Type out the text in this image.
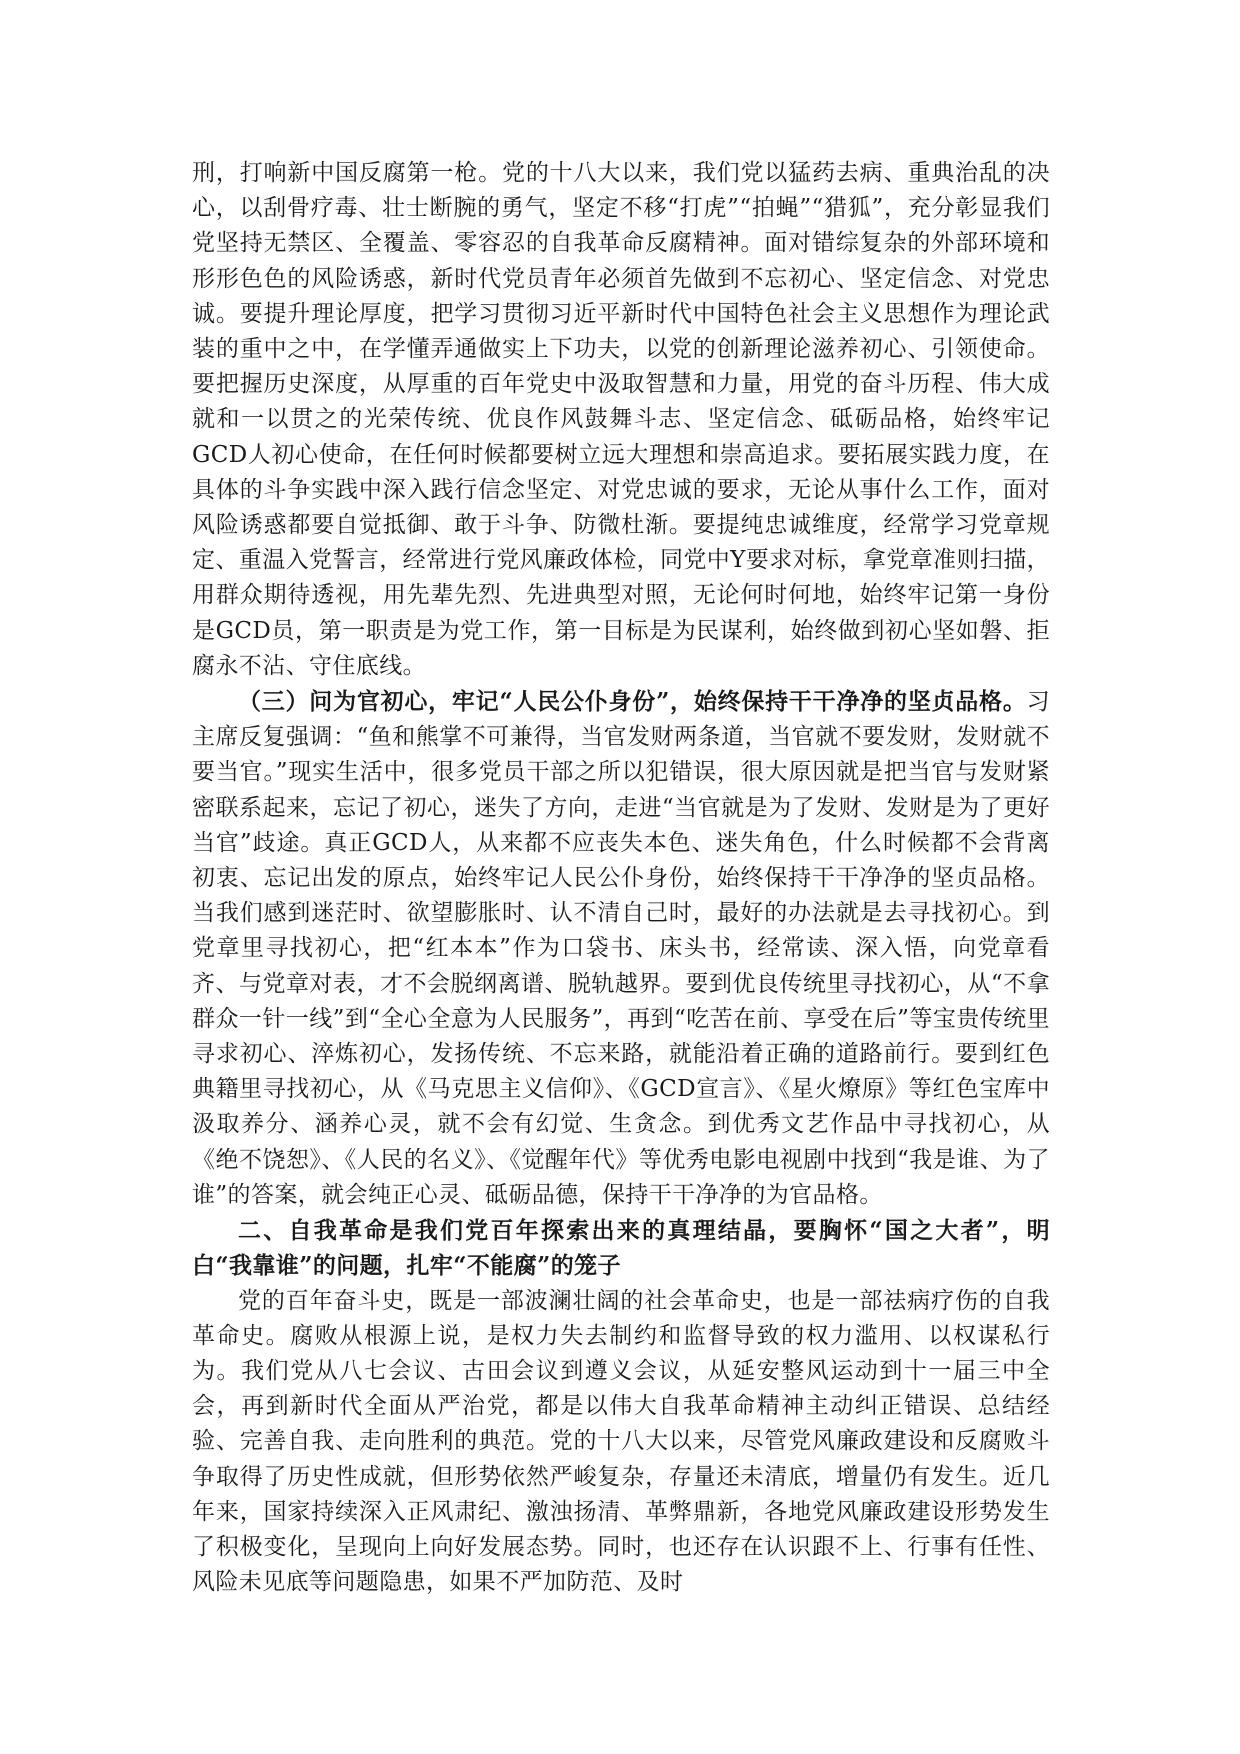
刑，打响新中国反腐第一枪。党的十八大以来，我们党以猛药去病、重典治乱的决心，以刮骨疗毒、壮士断腕的勇气，坚定不移“打虎”“拍蝇”“猎狐”，充分彰显我们党坚持无禁区、全覆盖、零容忍的自我革命反腐精神。面对错综复杂的外部环境和形形色色的风险诱惑，新时代党员青年必须首先做到不忘初心、坚定信念、对党忠诚。要提升理论厚度，把学习贯彻习近平新时代中国特色社会主义思想作为理论武装的重中之中，在学懂弄通做实上下功夫，以党的创新理论滋养初心、引领使命。要把握历史深度，从厚重的百年党史中汲取智慧和力量，用党的奋斗历程、伟大成就和一以贯之的光荣传统、优良作风鼓舞斗志、坚定信念、砥砺品格，始终牢记GCD人初心使命，在任何时候都要树立远大理想和崇高追求。要拓展实践力度，在具体的斗争实践中深入践行信念坚定、对党忠诚的要求，无论从事什么工作，面对风险诱惑都要自觉抵御、敢于斗争、防微杜渐。要提纯忠诚维度，经常学习党章规定、重温入党誓言，经常进行党风廉政体检，同党中Y要求对标，拿党章准则扫描，用群众期待透视，用先辈先烈、先进典型对照，无论何时何地，始终牢记第一身份是GCD员，第一职责是为党工作，第一目标是为民谋利，始终做到初心坚如磐、拒腐永不沾、守住底线。

（三）问为官初心，牢记“人民公仆身份”，始终保持干干净净的坚贞品格。习主席反复强调：“鱼和熊掌不可兼得，当官发财两条道，当官就不要发财，发财就不要当官。”现实生活中，很多党员干部之所以犯错误，很大原因就是把当官与发财紧密联系起来，忘记了初心，迷失了方向，走进“当官就是为了发财、发财是为了更好当官”歧途。真正GCD人，从来都不应丧失本色、迷失角色，什么时候都不会背离初衷、忘记出发的原点，始终牢记人民公仆身份，始终保持干干净净的坚贞品格。当我们感到迷茫时、欲望膨胀时、认不清自己时，最好的办法就是去寻找初心。到党章里寻找初心，把“红本本”作为口袋书、床头书，经常读、深入悟，向党章看齐、与党章对表，才不会脱纲离谱、脱轨越界。要到优良传统里寻找初心，从“不拿群众一针一线”到“全心全意为人民服务”，再到“吃苦在前、享受在后”等宝贵传统里寻求初心、淬炼初心，发扬传统、不忘来路，就能沿着正确的道路前行。要到红色典籍里寻找初心，从《马克思主义信仰》、《GCD宣言》、《星火燎原》等红色宝库中汲取养分、涵养心灵，就不会有幻觉、生贪念。到优秀文艺作品中寻找初心，从《绝不饶恕》、《人民的名义》、《觉醒年代》等优秀电影电视剧中找到“我是谁、为了谁”的答案，就会纯正心灵、砥砺品德，保持干干净净的为官品格。

二、自我革命是我们党百年探索出来的真理结晶，要胸怀“国之大者”，明白“我靠谁”的问题，扎牢“不能腐”的笼子

党的百年奋斗史，既是一部波澜壮阔的社会革命史，也是一部祛病疗伤的自我革命史。腐败从根源上说，是权力失去制约和监督导致的权力滥用、以权谋私行为。我们党从八七会议、古田会议到遵义会议，从延安整风运动到十一届三中全会，再到新时代全面从严治党，都是以伟大自我革命精神主动纠正错误、总结经验、完善自我、走向胜利的典范。党的十八大以来，尽管党风廉政建设和反腐败斗争取得了历史性成就，但形势依然严峻复杂，存量还未清底，增量仍有发生。近几年来，国家持续深入正风肃纪、激浊扬清、革弊鼎新，各地党风廉政建设形势发生了积极变化，呈现向上向好发展态势。同时，也还存在认识跟不上、行事有任性、风险未见底等问题隐患，如果不严加防范、及时
